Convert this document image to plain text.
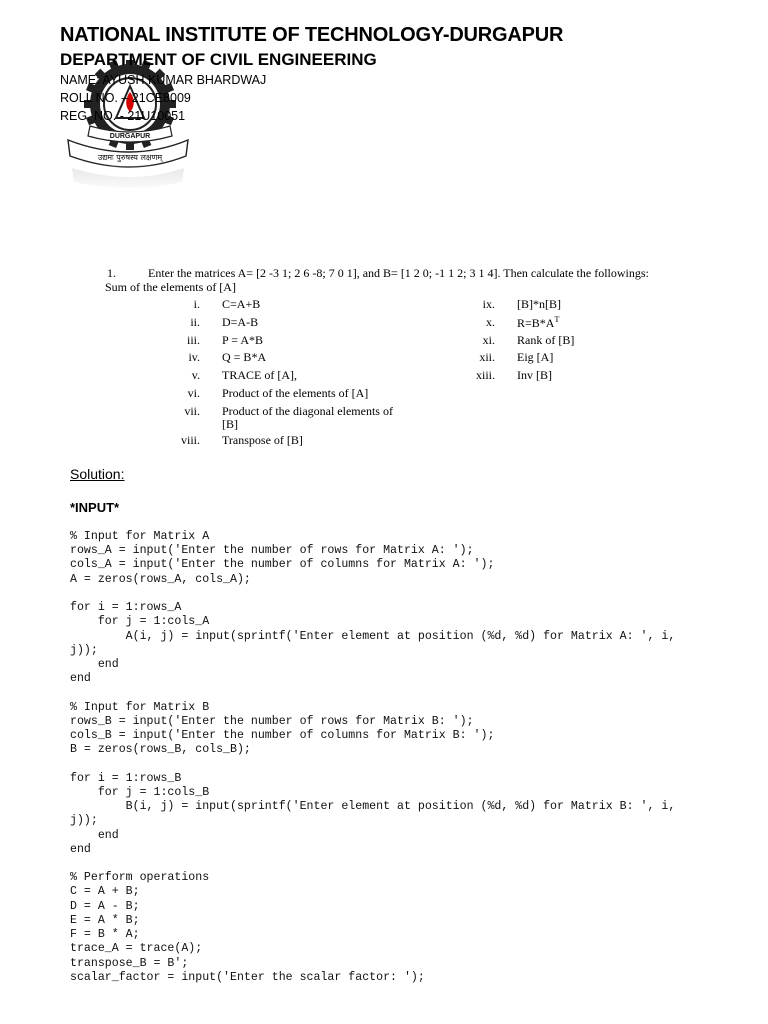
DURGAPUR
उद्यमः पुरुषस्य लक्षणम्
NATIONAL INSTITUTE OF TECHNOLOGY-DURGAPUR
DEPARTMENT OF CIVIL ENGINEERING
NAME: AYUSH KUMAR BHARDWAJ
ROLL NO. – 21CE8009
REG. NO. - 21U10051
1.	Enter the matrices A= [2 -3 1; 2 6 -8; 7 0 1], and B= [1 2 0; -1 1 2; 3 1 4]. Then calculate the followings:
Sum of the elements of [A]
i. C=A+B
ii. D=A-B
iii. P = A*B
iv. Q = B*A
v. TRACE of [A],
vi. Product of the elements of [A]
vii. Product of the diagonal elements of
[B]
viii. Transpose of [B]
ix. [B]*n[B]
x. $R=B*A^T$
xi. Rank of [B]
xii. Eig [A]
xiii. Inv [B]
Solution:
*INPUT*
% Input for Matrix A
rows_A = input('Enter the number of rows for Matrix A: ');
cols_A = input('Enter the number of columns for Matrix A: ');
A = zeros(rows_A, cols_A);

for i = 1:rows_A
for j = 1:cols_A
A(i, j) = input(sprintf('Enter element at position (%d, %d) for Matrix A: ', i,
j));
end
end

% Input for Matrix B
rows_B = input('Enter the number of rows for Matrix B: ');
cols_B = input('Enter the number of columns for Matrix B: ');
B = zeros(rows_B, cols_B);

for i = 1:rows_B
for j = 1:cols_B
B(i, j) = input(sprintf('Enter element at position (%d, %d) for Matrix B: ', i,
j));
end
end

% Perform operations
C = A + B;
D = A - B;
E = A * B;
F = B * A;
trace_A = trace(A);
transpose_B = B';
scalar_factor = input('Enter the scalar factor: ');
